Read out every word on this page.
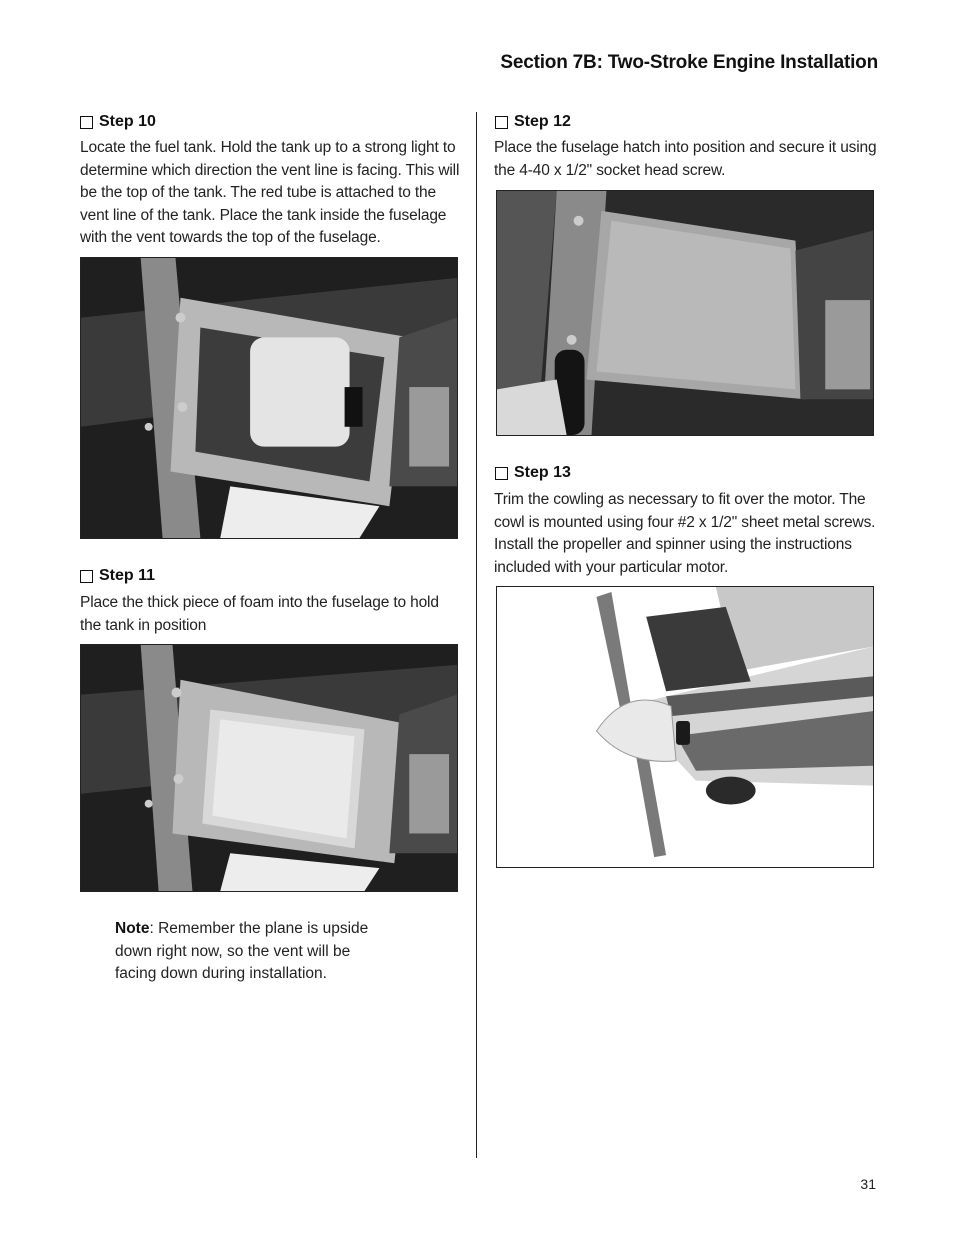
Section 7B: Two-Stroke Engine Installation
Step 10
Locate the fuel tank. Hold the tank up to a strong light to determine which direction the vent line is facing. This will be the top of the tank. The red tube is attached to the vent line of the tank. Place the tank inside the fuselage with the vent towards the top of the fuselage.
Step 11
Place the thick piece of foam into the fuselage to hold the tank in position
Note: Remember the plane is upside down right now, so the vent will be facing down during installation.
Step 12
Place the fuselage hatch into position and secure it using the 4-40 x 1/2" socket head screw.
Step 13
Trim the cowling as necessary to fit over the motor. The cowl is mounted using four #2 x 1/2" sheet metal screws. Install the propeller and spinner using the instructions included with your particular motor.
31
